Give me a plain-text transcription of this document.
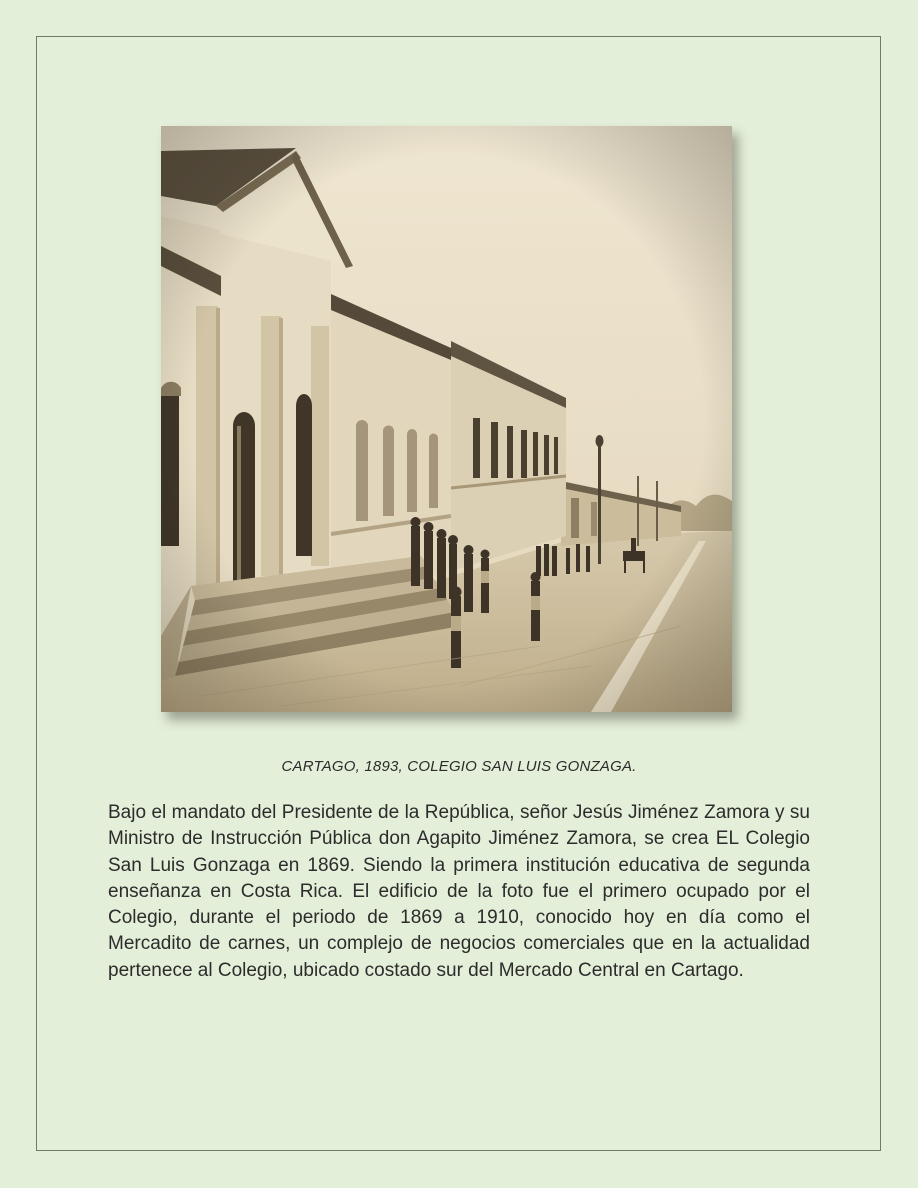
CARTAGO, 1893, COLEGIO SAN LUIS GONZAGA.

Bajo el mandato del Presidente de la República, señor Jesús Jiménez Zamora y su Ministro de Instrucción Pública don Agapito Jiménez Zamora, se crea EL Colegio San Luis Gonzaga en 1869. Siendo la primera institución educativa de segunda enseñanza en Costa Rica. El edificio de la foto fue el primero ocupado por el Colegio, durante el periodo de 1869 a 1910, conocido hoy en día como el Mercadito de carnes, un complejo de negocios comerciales que en la actualidad pertenece al Colegio, ubicado costado sur del Mercado Central en Cartago.
